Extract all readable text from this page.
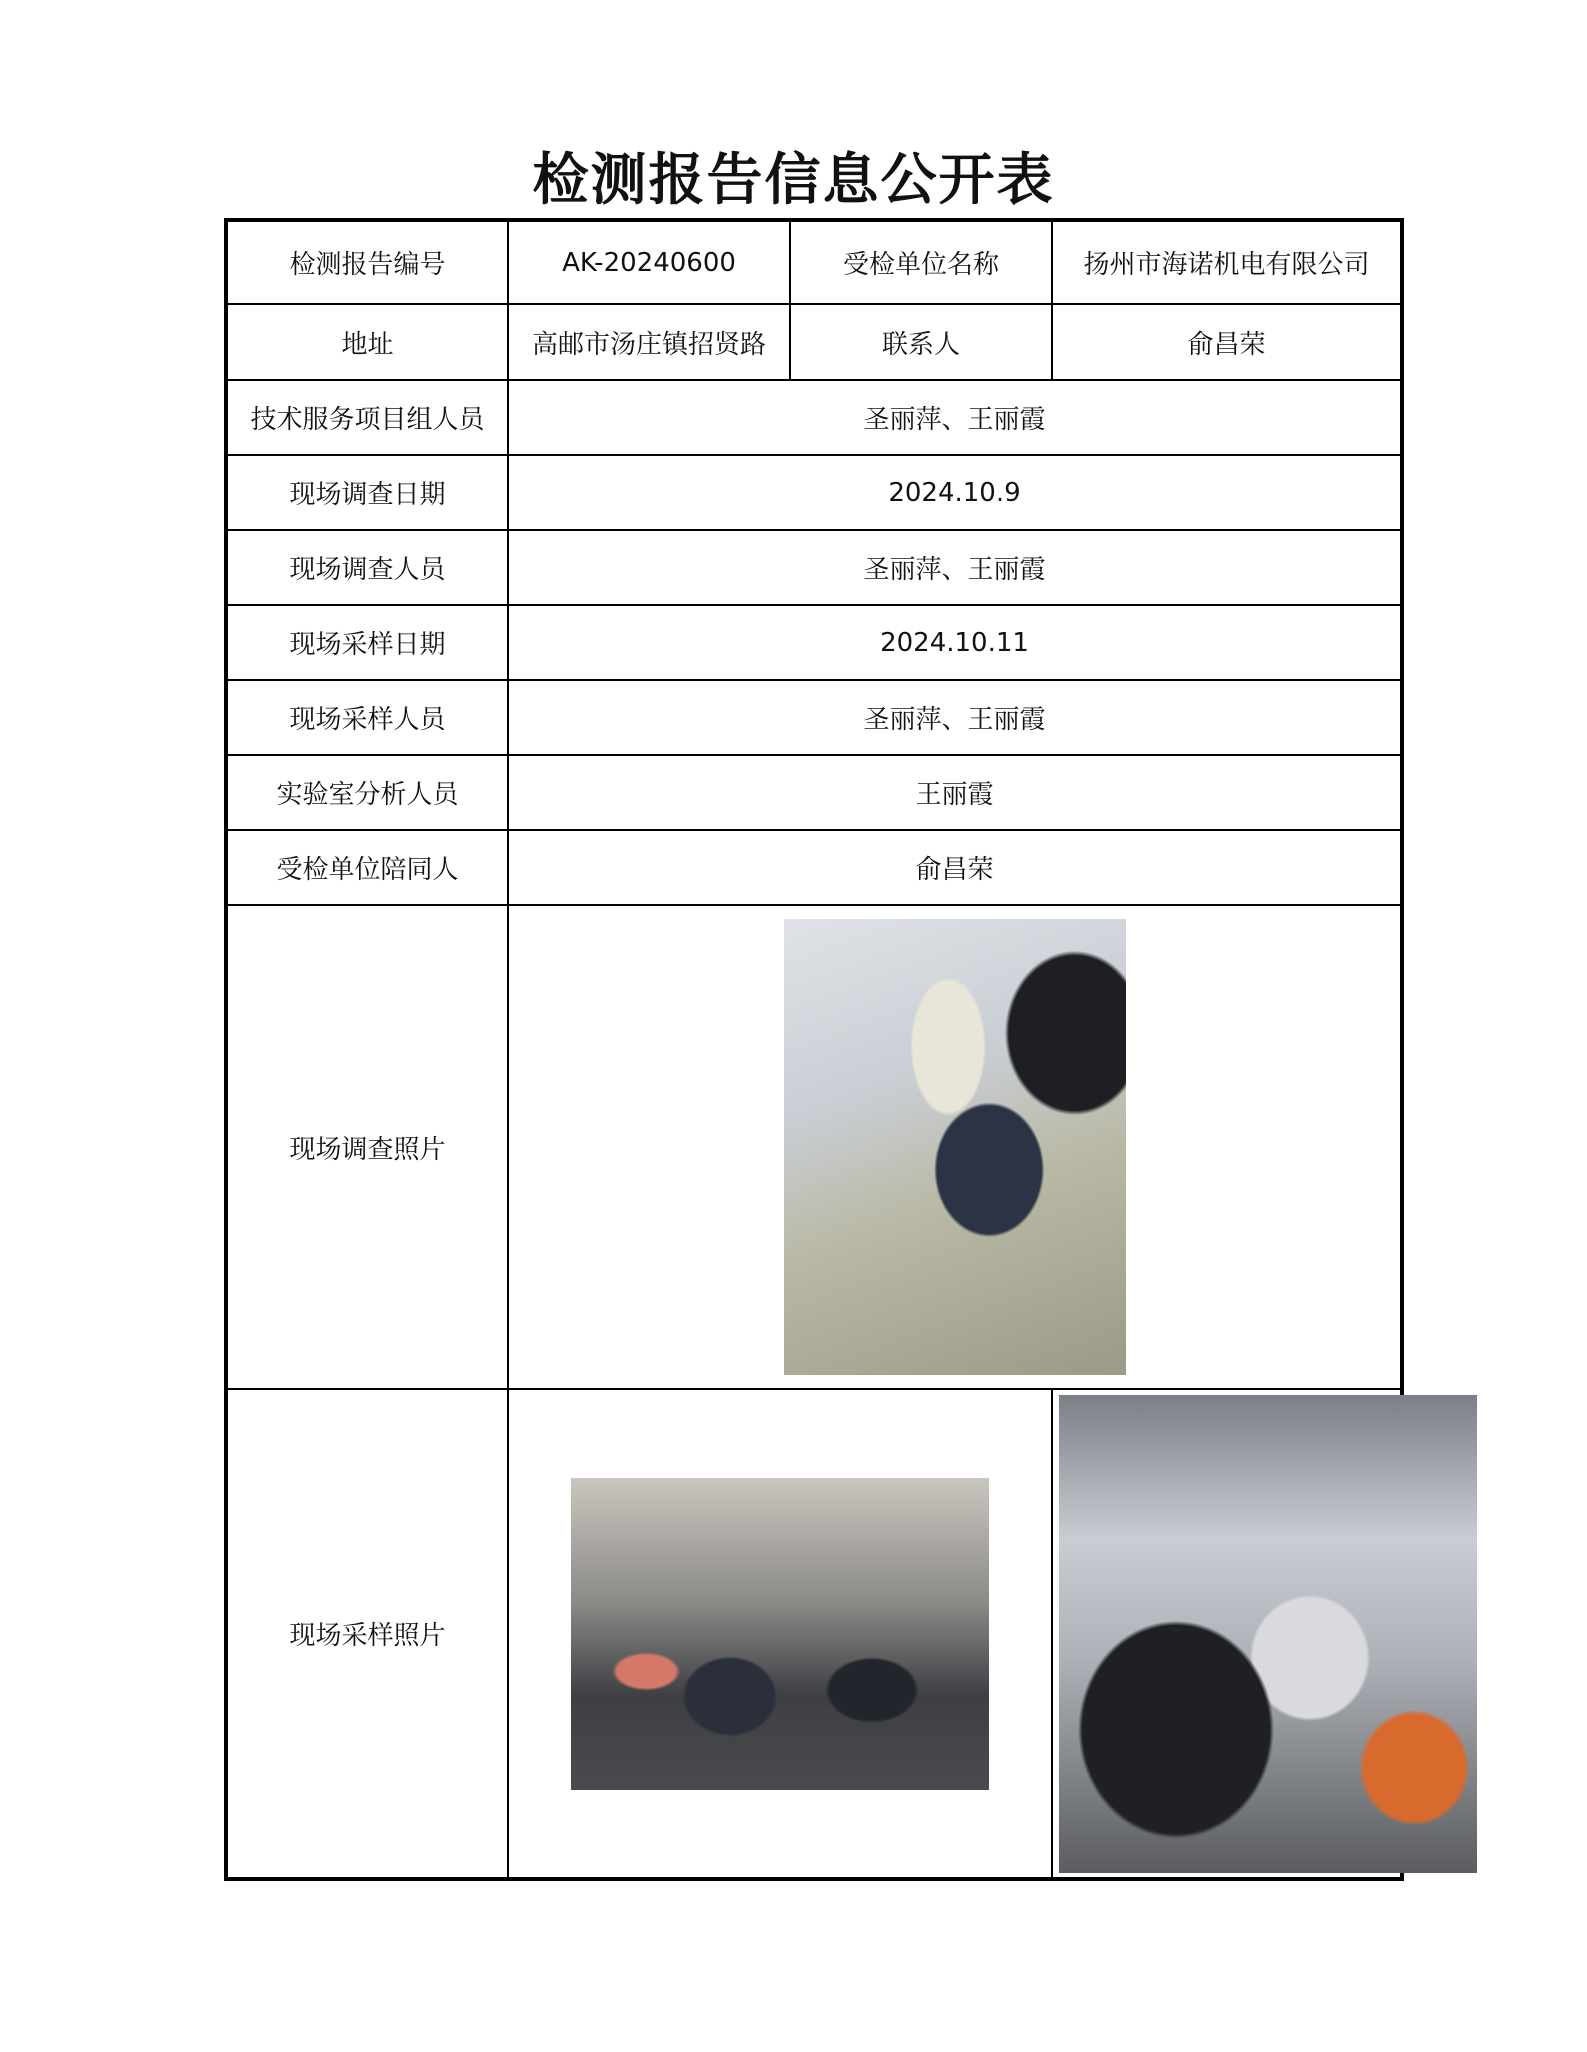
检测报告信息公开表
检测报告编号	AK-20240600	受检单位名称	扬州市海诺机电有限公司
地址	高邮市汤庄镇招贤路	联系人	俞昌荣
技术服务项目组人员	圣丽萍、王丽霞		
现场调查日期	2024.10.9		
现场调查人员	圣丽萍、王丽霞		
现场采样日期	2024.10.11		
现场采样人员	圣丽萍、王丽霞		
实验室分析人员	王丽霞		
受检单位陪同人	俞昌荣		
现场调查照片			

现场采样照片		
